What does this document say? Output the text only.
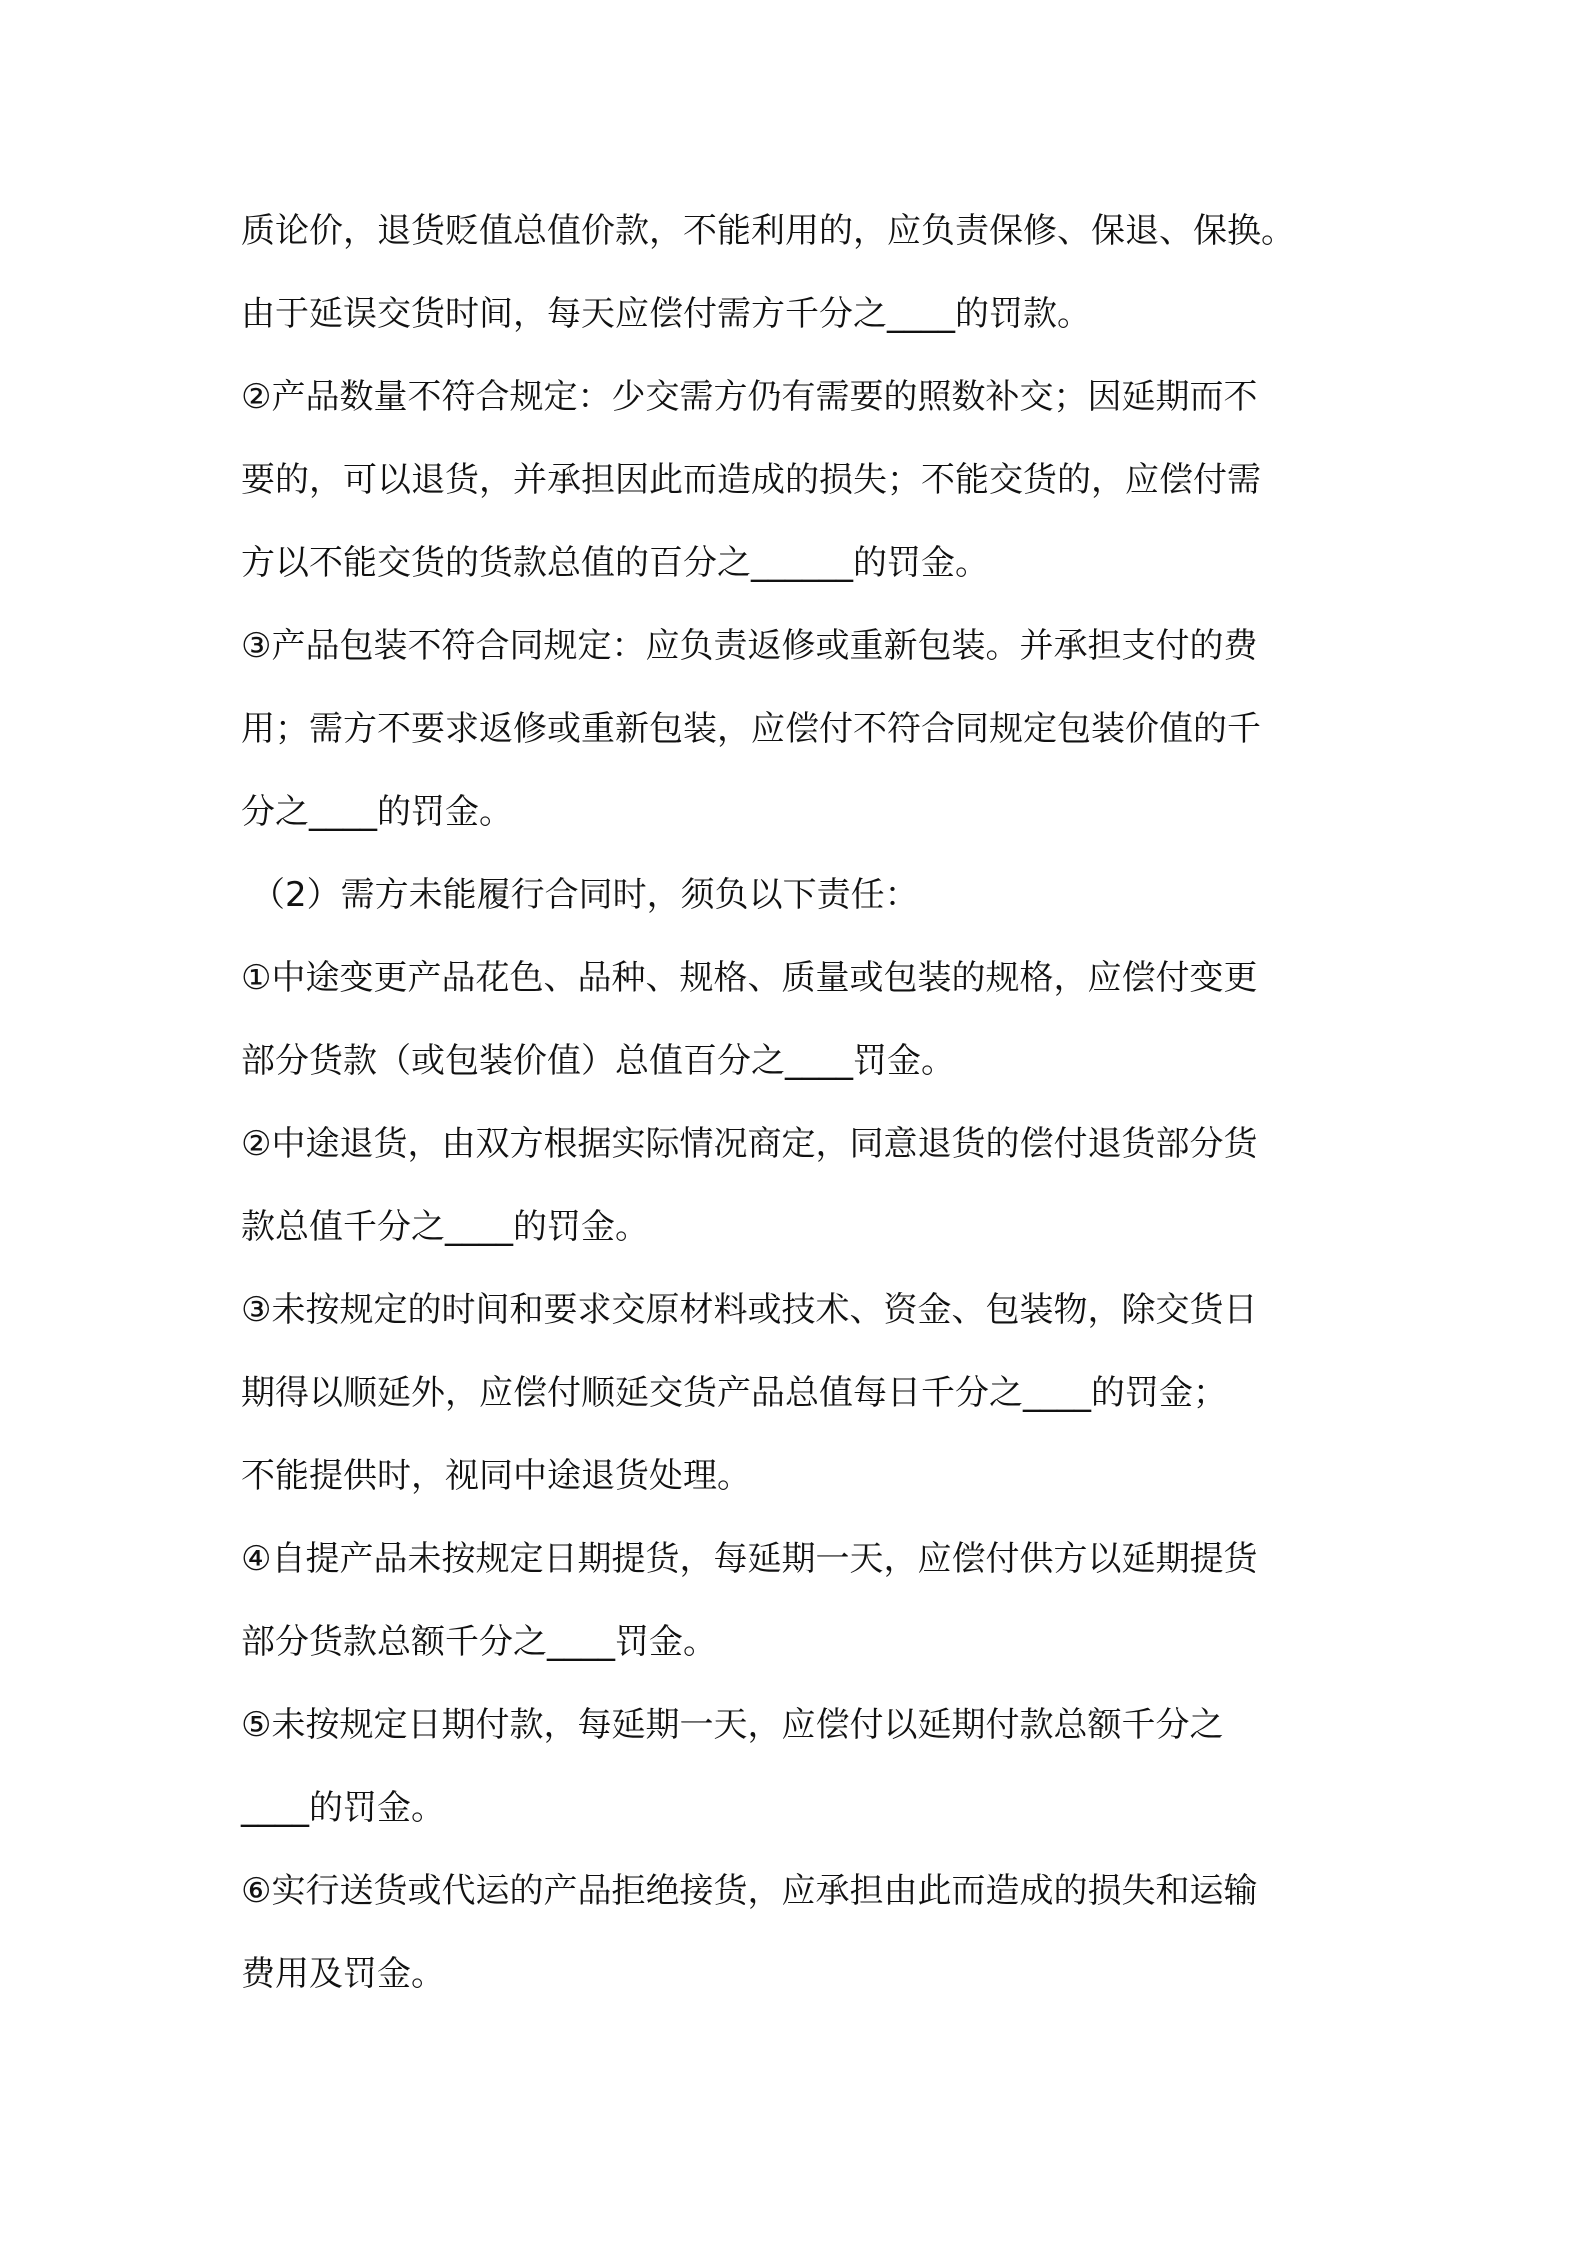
质论价，退货贬值总值价款，不能利用的，应负责保修、保退、保换。
由于延误交货时间，每天应偿付需方千分之____的罚款。
②产品数量不符合规定：少交需方仍有需要的照数补交；因延期而不
要的，可以退货，并承担因此而造成的损失；不能交货的，应偿付需
方以不能交货的货款总值的百分之______的罚金。
③产品包装不符合同规定：应负责返修或重新包装。并承担支付的费
用；需方不要求返修或重新包装，应偿付不符合同规定包装价值的千
分之____的罚金。
（2）需方未能履行合同时，须负以下责任：
①中途变更产品花色、品种、规格、质量或包装的规格，应偿付变更
部分货款（或包装价值）总值百分之____罚金。
②中途退货，由双方根据实际情况商定，同意退货的偿付退货部分货
款总值千分之____的罚金。
③未按规定的时间和要求交原材料或技术、资金、包装物，除交货日
期得以顺延外，应偿付顺延交货产品总值每日千分之____的罚金；
不能提供时，视同中途退货处理。
④自提产品未按规定日期提货，每延期一天，应偿付供方以延期提货
部分货款总额千分之____罚金。
⑤未按规定日期付款，每延期一天，应偿付以延期付款总额千分之
____的罚金。
⑥实行送货或代运的产品拒绝接货，应承担由此而造成的损失和运输
费用及罚金。
